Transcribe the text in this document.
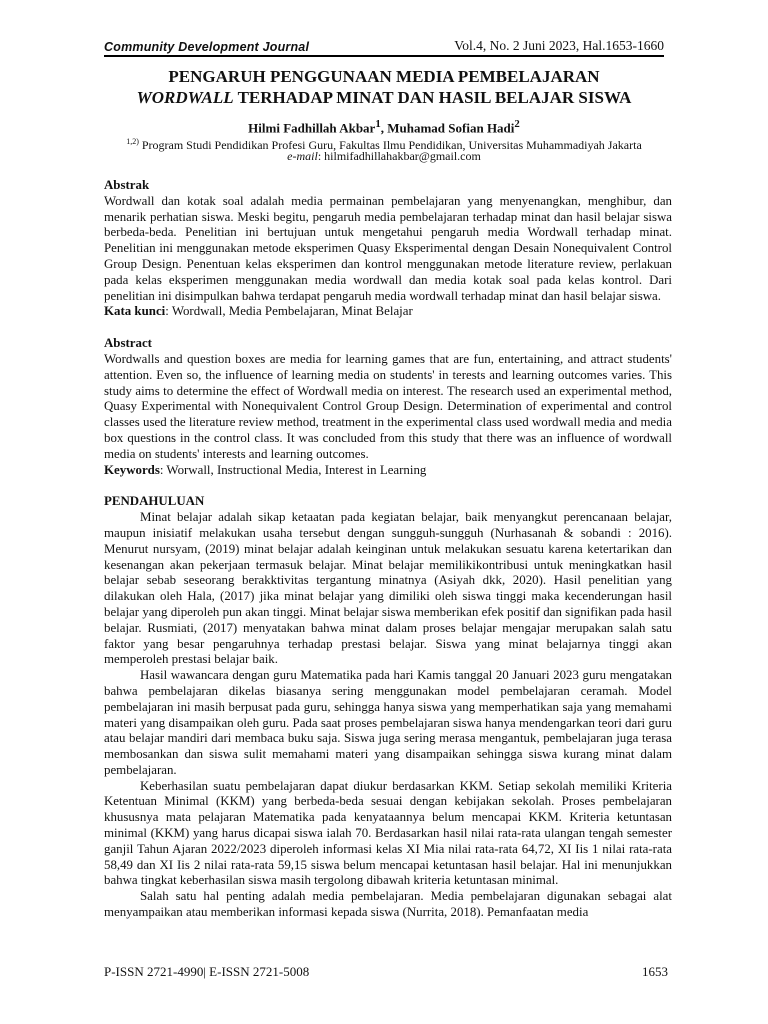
Community Development Journal	Vol.4, No. 2 Juni 2023, Hal.1653-1660
PENGARUH PENGGUNAAN MEDIA PEMBELAJARAN
WORDWALL TERHADAP MINAT DAN HASIL BELAJAR SISWA
Hilmi Fadhillah Akbar$^1$, Muhamad Sofian Hadi$^2$
$^{1,2)}$ Program Studi Pendidikan Profesi Guru, Fakultas Ilmu Pendidikan, Universitas Muhammadiyah Jakarta
e-mail: hilmifadhillahakbar@gmail.com

Abstrak

Wordwall dan kotak soal adalah media permainan pembelajaran yang menyenangkan, menghibur, dan menarik perhatian siswa. Meski begitu, pengaruh media pembelajaran terhadap minat dan hasil belajar siswa berbeda-beda. Penelitian ini bertujuan untuk mengetahui pengaruh media Wordwall terhadap minat. Penelitian ini menggunakan metode eksperimen Quasy Eksperimental dengan Desain Nonequivalent Control Group Design. Penentuan kelas eksperimen dan kontrol menggunakan metode literature review, perlakuan pada kelas eksperimen menggunakan media wordwall dan media kotak soal pada kelas kontrol. Dari penelitian ini disimpulkan bahwa terdapat pengaruh media wordwall terhadap minat dan hasil belajar siswa.

Kata kunci: Wordwall, Media Pembelajaran, Minat Belajar

Abstract

Wordwalls and question boxes are media for learning games that are fun, entertaining, and attract students' attention. Even so, the influence of learning media on students' in terests and learning outcomes varies. This study aims to determine the effect of Wordwall media on interest. The research used an experimental method, Quasy Experimental with Nonequivalent Control Group Design. Determination of experimental and control classes used the literature review method, treatment in the experimental class used wordwall media and media box questions in the control class. It was concluded from this study that there was an influence of wordwall media on students' interests and learning outcomes.

Keywords: Worwall, Instructional Media, Interest in Learning

PENDAHULUAN

Minat belajar adalah sikap ketaatan pada kegiatan belajar, baik menyangkut perencanaan belajar, maupun inisiatif melakukan usaha tersebut dengan sungguh-sungguh (Nurhasanah & sobandi : 2016). Menurut nursyam, (2019) minat belajar adalah keinginan untuk melakukan sesuatu karena ketertarikan dan kesenangan akan pekerjaan termasuk belajar. Minat belajar memilikikontribusi untuk meningkatkan hasil belajar sebab seseorang berakktivitas tergantung minatnya (Asiyah dkk, 2020). Hasil penelitian yang dilakukan oleh Hala, (2017) jika minat belajar yang dimiliki oleh siswa tinggi maka kecenderungan hasil belajar yang diperoleh pun akan tinggi. Minat belajar siswa memberikan efek positif dan signifikan pada hasil belajar. Rusmiati, (2017) menyatakan bahwa minat dalam proses belajar mengajar merupakan salah satu faktor yang besar pengaruhnya terhadap prestasi belajar. Siswa yang minat belajarnya tinggi akan memperoleh prestasi belajar baik.

Hasil wawancara dengan guru Matematika pada hari Kamis tanggal 20 Januari 2023 guru mengatakan bahwa pembelajaran dikelas biasanya sering menggunakan model pembelajaran ceramah. Model pembelajaran ini masih berpusat pada guru, sehingga hanya siswa yang memperhatikan saja yang memahami materi yang disampaikan oleh guru. Pada saat proses pembelajaran siswa hanya mendengarkan teori dari guru atau belajar mandiri dari membaca buku saja. Siswa juga sering merasa mengantuk, pembelajaran juga terasa membosankan dan siswa sulit memahami materi yang disampaikan sehingga siswa kurang minat dalam pembelajaran.

Keberhasilan suatu pembelajaran dapat diukur berdasarkan KKM. Setiap sekolah memiliki Kriteria Ketentuan Minimal (KKM) yang berbeda-beda sesuai dengan kebijakan sekolah. Proses pembelajaran khususnya mata pelajaran Matematika pada kenyataannya belum mencapai KKM. Kriteria ketuntasan minimal (KKM) yang harus dicapai siswa ialah 70. Berdasarkan hasil nilai rata-rata ulangan tengah semester ganjil Tahun Ajaran 2022/2023 diperoleh informasi kelas XI Mia nilai rata-rata 64,72, XI Iis 1 nilai rata-rata 58,49 dan XI Iis 2 nilai rata-rata 59,15 siswa belum mencapai ketuntasan hasil belajar. Hal ini menunjukkan bahwa tingkat keberhasilan siswa masih tergolong dibawah kriteria ketuntasan minimal.

Salah satu hal penting adalah media pembelajaran. Media pembelajaran digunakan sebagai alat menyampaikan atau memberikan informasi kepada siswa (Nurrita, 2018). Pemanfaatan media

P-ISSN 2721-4990| E-ISSN 2721-5008	1653
